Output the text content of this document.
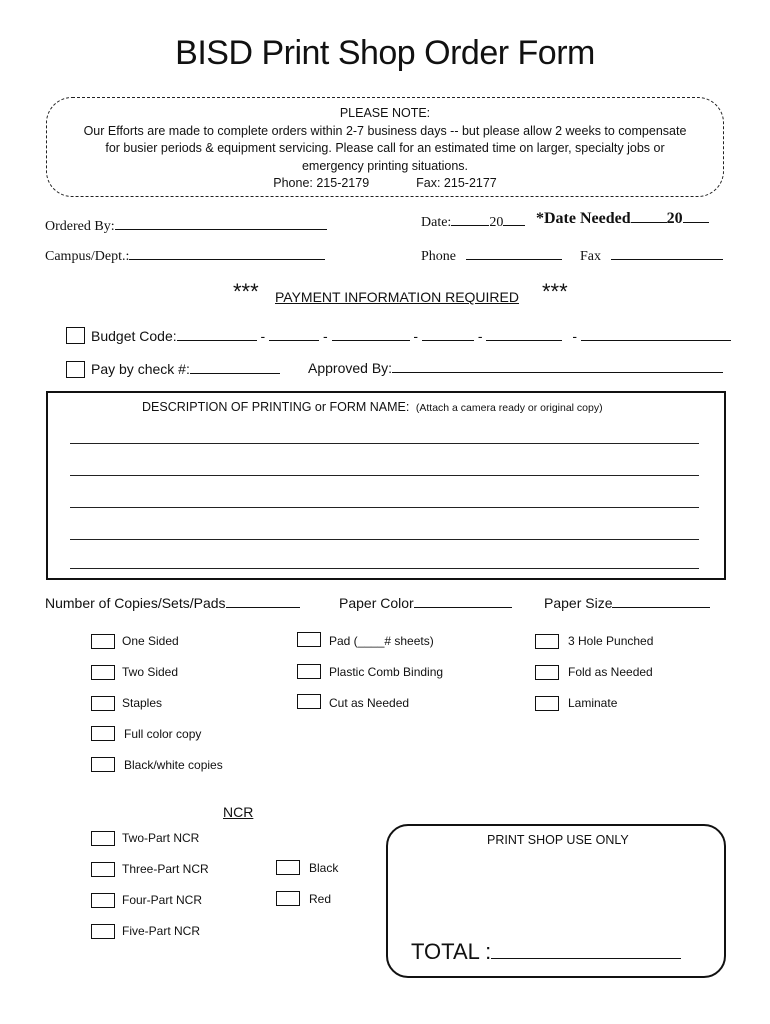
BISD Print Shop Order Form
PLEASE NOTE:
Our Efforts are made to complete orders within 2-7 business days -- but please allow 2 weeks to compensate
for busier periods & equipment servicing. Please call for an estimated time on larger, specialty jobs or
emergency printing situations.
Phone: 215-2179	Fax: 215-2177
Ordered By:	Date:	20	*Date Needed 20
Campus/Dept.:	Phone	Fax
*** PAYMENT INFORMATION REQUIRED ***
Budget Code:	-	-	-	-	-
Pay by check #:	Approved By:
DESCRIPTION OF PRINTING or FORM NAME: (Attach a camera ready or original copy)
Number of Copies/Sets/Pads	Paper Color	Paper Size
One Sided
Two Sided
Staples
Full color copy
Black/white copies
Pad (____# sheets)
Plastic Comb Binding
Cut as Needed
3 Hole Punched
Fold as Needed
Laminate
NCR
Two-Part NCR
Three-Part NCR
Four-Part NCR
Five-Part NCR
Black
Red
PRINT SHOP USE ONLY
TOTAL :
